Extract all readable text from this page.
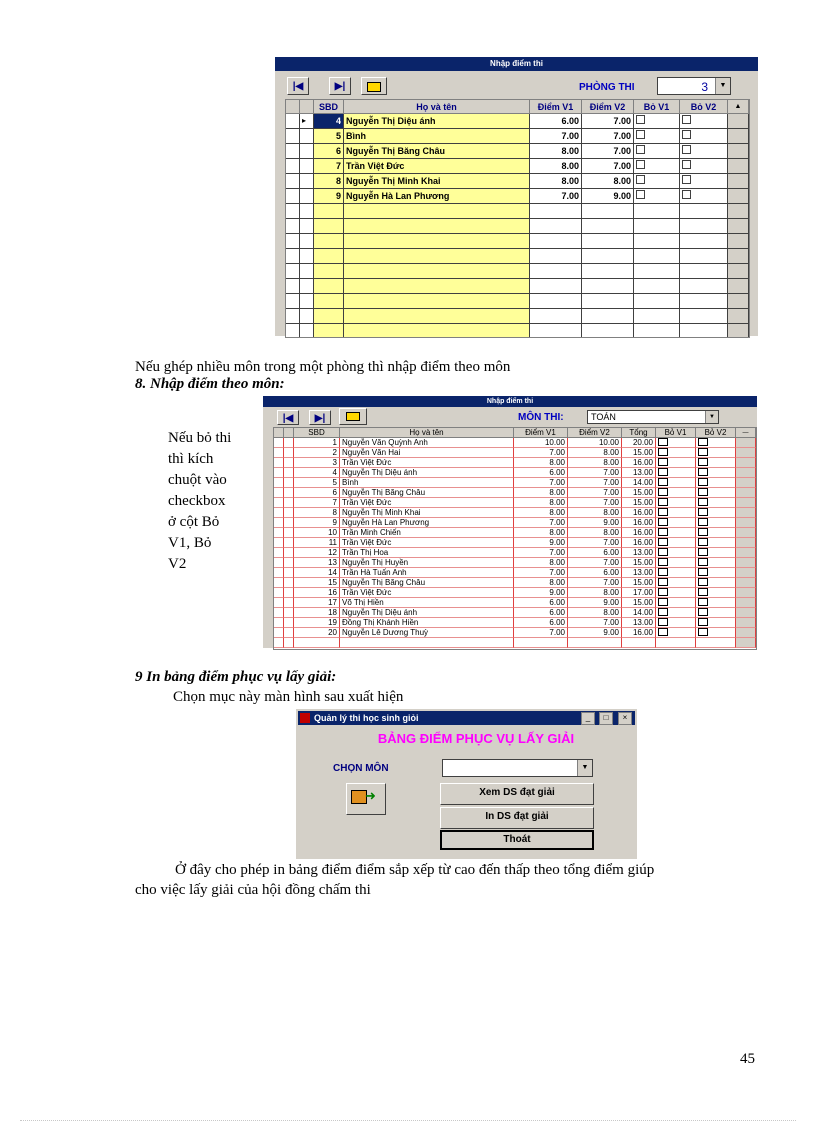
Nhập điểm thi
|◀	▶|	PHÒNG THI	3	▼
SBD	Họ và tên	Điểm V1	Điểm V2	Bỏ V1	Bỏ V2	▲
▸	4 Nguyễn Thị Diệu ánh	6.00	7.00
5 Bình	7.00	7.00
6 Nguyễn Thị Băng Châu	8.00	7.00
7 Trần Việt Đức	8.00	7.00
8 Nguyễn Thị Minh Khai	8.00	8.00
9 Nguyễn Hà Lan Phương	7.00	9.00
Nếu ghép nhiều môn trong một phòng thì nhập điểm theo môn
8. Nhập điểm theo môn:
Nếu bỏ thi
thì kích
chuột vào
checkbox
ở cột Bỏ
V1, Bỏ
V2
Nhập điểm thi
|◀	▶|	MÔN THI:	TOÁN	▼
SBD	Họ và tên	Điểm V1	Điểm V2	Tổng	Bỏ V1	Bỏ V2	—
1 Nguyễn Văn Quỳnh Anh	10.00	10.00	20.00
2 Nguyễn Văn Hai	7.00	8.00	15.00
3 Trần Việt Đức	8.00	8.00	16.00
4 Nguyễn Thị Diệu ánh	6.00	7.00	13.00
5 Bình	7.00	7.00	14.00
6 Nguyễn Thị Băng Châu	8.00	7.00	15.00
7 Trần Việt Đức	8.00	7.00	15.00
8 Nguyễn Thị Minh Khai	8.00	8.00	16.00
9 Nguyễn Hà Lan Phương	7.00	9.00	16.00
10 Trần Minh Chiến	8.00	8.00	16.00
11 Trần Việt Đức	9.00	7.00	16.00
12 Trần Thị Hoa	7.00	6.00	13.00
13 Nguyễn Thị Huyền	8.00	7.00	15.00
14 Trần Hà Tuấn Anh	7.00	6.00	13.00
15 Nguyễn Thị Băng Châu	8.00	7.00	15.00
16 Trần Việt Đức	9.00	8.00	17.00
17 Võ Thị Hiền	6.00	9.00	15.00
18 Nguyễn Thị Diệu ánh	6.00	8.00	14.00
19 Đồng Thị Khánh Hiền	6.00	7.00	13.00
20 Nguyễn Lê Dương Thuỳ	7.00	9.00	16.00
9 In bảng điểm phục vụ lấy giải:
Chọn mục này màn hình sau xuất hiện
Quản lý thi học sinh giỏi	_	□	×
BẢNG ĐIỂM PHỤC VỤ LẤY GIẢI
CHỌN MÔN	▼
➜	Xem DS đạt giải
In DS đạt giải
Thoát
Ở đây cho phép in bảng điểm điểm sắp xếp từ cao đến thấp theo tổng điểm giúp
cho việc lấy giải của hội đồng chấm thi
45
